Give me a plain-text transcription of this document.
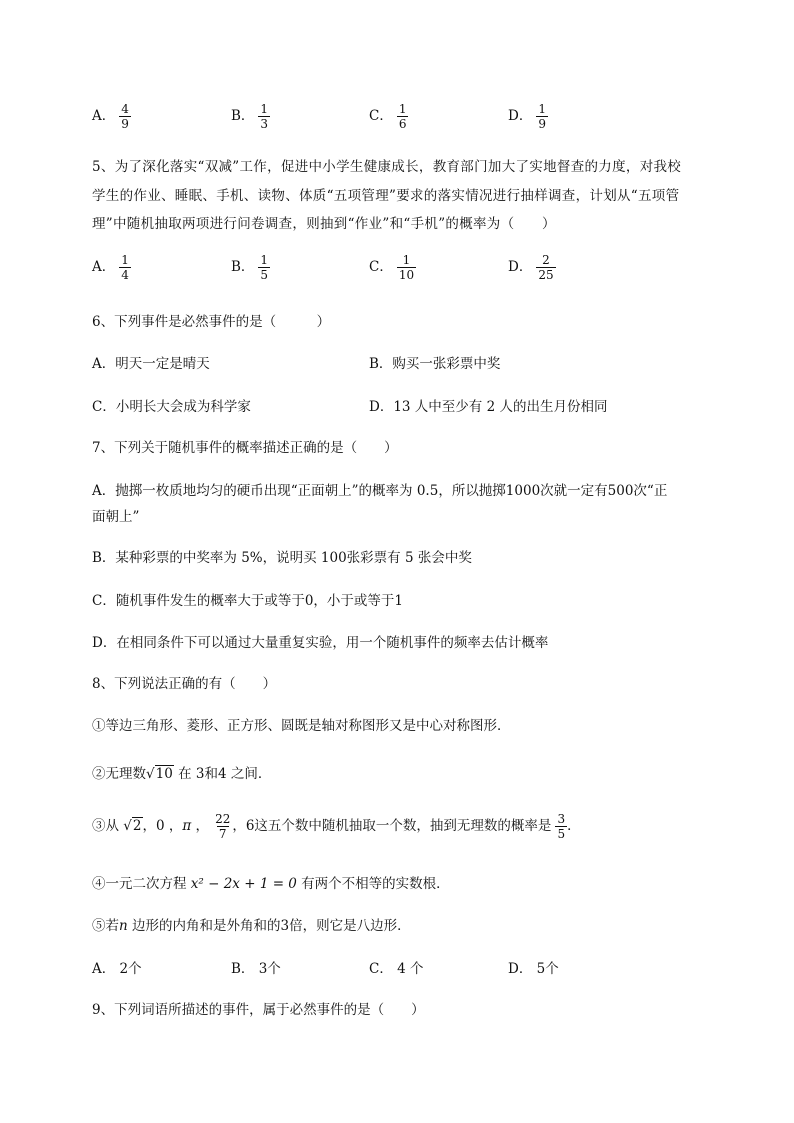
A． $\frac{4}{9}$	B． $\frac{1}{3}$	C． $\frac{1}{6}$	D． $\frac{1}{9}$
5、为了深化落实“双减”工作，促进中小学生健康成长，教育部门加大了实地督查的力度，对我校
学生的作业、睡眠、手机、读物、体质“五项管理”要求的落实情况进行抽样调查，计划从“五项管
理”中随机抽取两项进行问卷调查，则抽到“作业”和“手机”的概率为（　　）
A． $\frac{1}{4}$	B． $\frac{1}{5}$	C． $\frac{1}{10}$	D． $\frac{2}{25}$
6、下列事件是必然事件的是（　　　）
A．明天一定是晴天	B．购买一张彩票中奖
C．小明长大会成为科学家	D．13 人中至少有 2 人的出生月份相同
7、下列关于随机事件的概率描述正确的是（　　）
A．抛掷一枚质地均匀的硬币出现“正面朝上”的概率为 0.5，所以抛掷1000次就一定有500次“正
面朝上”
B．某种彩票的中奖率为 5%，说明买 100张彩票有 5 张会中奖
C．随机事件发生的概率大于或等于0，小于或等于1
D．在相同条件下可以通过大量重复实验，用一个随机事件的频率去估计概率
8、下列说法正确的有（　　）
①等边三角形、菱形、正方形、圆既是轴对称图形又是中心对称图形．
②无理数√10 在 3和4 之间．
③从 √2，0 ，π ， $\frac{22}{7}$ ，6这五个数中随机抽取一个数，抽到无理数的概率是 $\frac{3}{5}$ ．
④一元二次方程 x² − 2x + 1 = 0 有两个不相等的实数根．
⑤若n 边形的内角和是外角和的3倍，则它是八边形．
A． 2个	B． 3个	C． 4 个	D． 5个
9、下列词语所描述的事件，属于必然事件的是（　　）
